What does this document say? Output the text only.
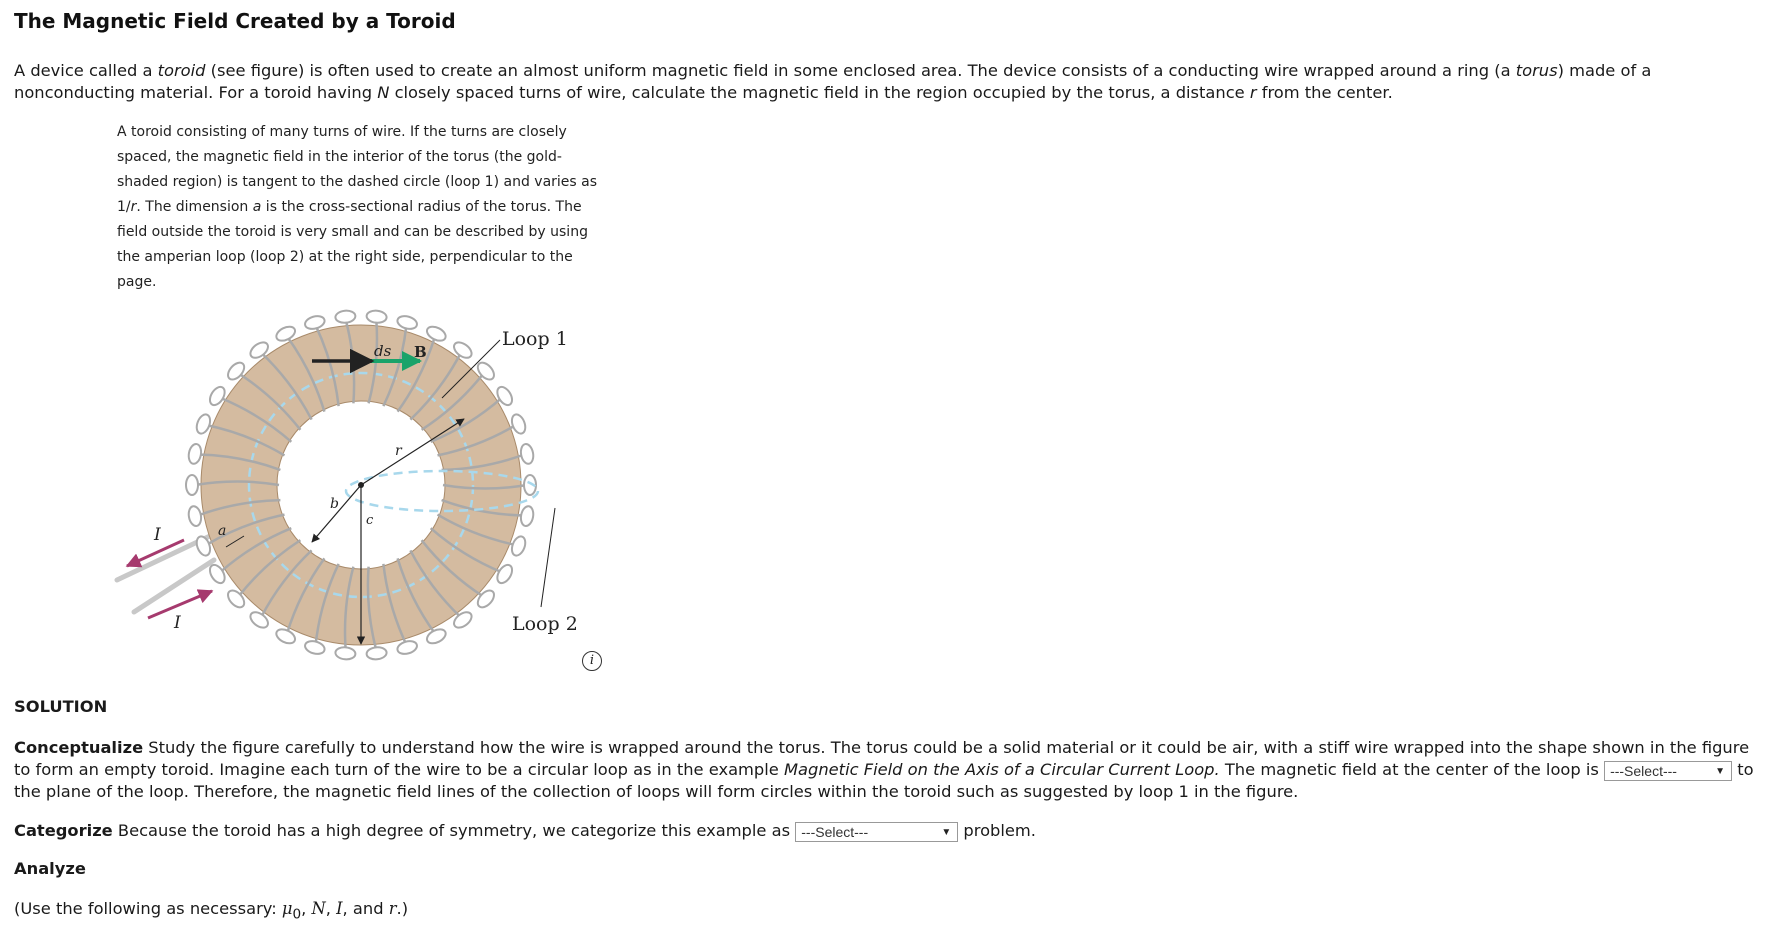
The Magnetic Field Created by a Toroid

A device called a toroid (see figure) is often used to create an almost uniform magnetic field in some enclosed area. The device consists of a conducting wire wrapped around a ring (a torus) made of a nonconducting material. For a toroid having N closely spaced turns of wire, calculate the magnetic field in the region occupied by the torus, a distance r from the center.

A toroid consisting of many turns of wire. If the turns are closely spaced, the magnetic field in the interior of the torus (the gold-shaded region) is tangent to the dashed circle (loop 1) and varies as 1/r. The dimension a is the cross-sectional radius of the torus. The field outside the toroid is very small and can be described by using the amperian loop (loop 2) at the right side, perpendicular to the page.

Loop 1
Loop 2
ds B
r
b
c
a
I
I
i

SOLUTION

Conceptualize Study the figure carefully to understand how the wire is wrapped around the torus. The torus could be a solid material or it could be air, with a stiff wire wrapped into the shape shown in the figure to form an empty toroid. Imagine each turn of the wire to be a circular loop as in the example Magnetic Field on the Axis of a Circular Current Loop. The magnetic field at the center of the loop is ---Select---	▼ to the plane of the loop. Therefore, the magnetic field lines of the collection of loops will form circles within the toroid such as suggested by loop 1 in the figure.

Categorize Because the toroid has a high degree of symmetry, we categorize this example as ---Select---	▼ problem.

Analyze

(Use the following as necessary: $\mu_0$, N, I, and r.)
